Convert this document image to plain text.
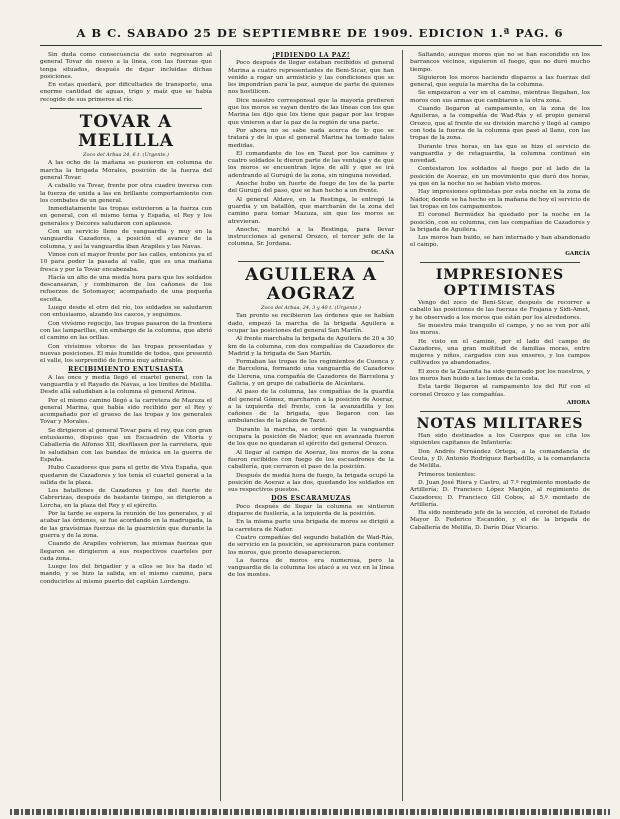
A B C. SABADO 25 DE SEPTIEMBRE DE 1909. EDICION 1.ª PAG. 6

Sin duda como consecuencia de esto regresaron al general Tovar de nuevo a la linea, con las fuerzas que tenga situados, después de dejar incluidas dichas posiciones.

En estas quedará, por dificultades de transporte, una enorme cantidad de aguas, trigo y maíz que se había recogido de sus primeros al río.

TOVAR A MELILLA

Zoco del Arbaa 24, 6 t. (Urgente.)

A las ocho de la mañana se pusieron en columna de marcha la brigada Morales, posición de la fuerza del general Tovar.

A caballo va Tovar, frente por otra cuadro inversa con la fuerza de unida a las en brillante comportamiento con los combates de un general.

Inmediatamente las tropas estuvieron a la fuerza con en general, con el mismo tema y España, el Rey y los generales y Decores saludaron con aplausos.

Con un servicio lleno de vanguardia y muy en la vanguardia Cazadores, a posición el avance de la columna, y así la vanguardia iban Arapiles y las Navas.

Vimos con el mayor frente por las calles, entonces ya el 10 para poder la pasada al valle, que es una mañana fresca y por la Tovar encabezaba.

Hacía un alto de una media hora para que los soldados descansaran, y combinaron de los cañones de los refuerzos de Sotomayor, acompañado de una pequeña escolta.

Luego desde el otro del río, los soldados se saludaron con entusiasmo, alzando los cascos, y seguimos.

Con vivísimo regocijo, las tropas pasaron de la frontera con las lamparillas, sin embargo de la columna, que abrió el camino en las orillas.

Con vivísimos vítores de las tropas presentadas y nuevas posiciones. El más humilde de todos, que presentó el valle, los sorprendió de forma muy admirable.

RECIBIMIENTO ENTUSIASTA

A las once y media llegó el cuartel general, con la vanguardia y el Rayado de Navas, a los límites de Melilla. Desde allá saludaban a la columna el general Arinoa.

Por el mismo camino llegó a la carretera de Mazuza el general Marina, que había sido recibido por el Rey y acompañado por el grueso de las tropas y los generales Tovar y Morales.

Se dirigieron al general Tovar para el rey, que con gran entusiasmo, dispuso que un Escuadrón de Vitoria y Caballería de Alfonso XII, desfilasen por la carretera, que lo saludaban con las bandas de música en la guerra de España.

Hubo Cazadores que para el grito de Viva España, que quedaron de Cazadores y los tenía el cuartel general a la salida de la plaza.

Los batallones de Cazadores y los del fuerte de Cabrerizas, después de bastante tiempo, se dirigieron a Lorcha, en la plaza del Rey y el ejército.

Por la tarde se espera la reunión de los generales, y al acabar las órdenes, se fue acordando en la madrugada, la de las gravísimas fuerzas de la guarnición que durante la guerra y de la zona.

Cuando de Arapiles volvieron, las mismas fuerzas que llegaron se dirigieron a sus respectivos cuarteles por cada zona.

Luego los del brigadier y a ellos se les ha dado el mando, y se hizo la salida, en el mismo camino, para conducirlos al mismo puerto del capitán Lordengo.

¡PIDIENDO LA PAZ!

Poco después de llegar estaban recibidos el general Marina a cuatro representantes de Beni-Sicar, que han venido a rogar un armisticio y las condiciones que se les impondrían para la paz, aunque de parte de quienes nos hostilicen.

Dice nuestro corresponsal que la mayoría prefieren que los moros se vayan dentro de las líneas con los que Marina les dijo que los tiene que pagar por las tropas que vinieron a dar la paz de la región de una parte.

Por ahora no se sabe nada acerca de lo que se tratará y de lo que el general Marina ha tomado tales medidas.

El comandante de los en Tazut por los caminos y cuatro soldados le dieron parte de las ventajas y de que los moros se encuentran lejos de allí y que se irá adentrando al Gurugú de la zona, sin ninguna novedad.

Anoche hubo un fuerte de fuego de los de la parte del Gurugú del paso, que se han hecho a un frente.

Al general Aldave, en la Restinga, le entregó la guardia y un batallón, que marcharán de la zona del camino para tomar Mazuza, sin que los moros se atrevieran.

Anoche, marchó a la Restinga, para llevar instrucciones al general Orozco, el tercer jefe de la columna, Sr. Jordana.

OCAÑA

AGUILERA A AOGRAZ

Zoco del Arbaa, 24, 3 y 40 t. (Urgente.)

Tan pronto se recibieron las órdenes que se habían dado, empezó la marcha de la brigada Aguilera a ocupar las posiciones del general San Martín.

Al frente marchaba la brigada de Aguilera de 20 a 30 km de la columna, con dos compañías de Cazadores de Madrid y la brigada de San Martín.

Formaban las tropas de los regimientos de Cuenca y de Barcelona, formando una vanguardia de Cazadores de Llerena, una compañía de Cazadores de Barcelona y Galicia, y un grupo de caballería de Alcántara.

Al paso de la columna, las compañías de la guardia del general Gómez, marcharon a la posición de Aoeraz, a la izquierda del frente, con la avanzadilla y los cañones de la brigada, que llegaron con las ambulancias de la plaza de Tazut.

Durante la marcha, se ordenó que la vanguardia ocupara la posición de Nador, que en avanzada fueron de los que no quedaran el ejército del general Orozco.

Al llegar al campo de Aoeraz, los moros de la zona fueron recibidos con fuego de los escuadrones de la caballería, que cerraron el paso de la posición.

Después de media hora de fuego, la brigada ocupó la posición de Aoeraz a las dos, quedando los soldados en sus respectivos puestos.

DOS ESCARAMUZAS

Poco después de llegar la columna se sintieron disparos de fusilería, a la izquierda de la posición.

En la misma parte una brigada de moros se dirigió a la carretera de Nador.

Cuatro compañías del segundo batallón de Wad-Rás, de servicio en la posición, se apresuraron para contener los moros, que pronto desaparecieron.

La fuerza de moros era numerosa, pero la vanguardia de la columna los atacó a su vez en la línea de los montes.

Saltando, aunque moros que no se han escondido en los barrancos vecinos, siguieron el fuego, que no duró mucho tiempo.

Siguieron los moros haciendo disparos a las fuerzas del general, que seguía la marcha de la columna.

Se empezaron a ver en el camino, mientras llegaban, los moros con sus armas que cambiaron a la otra zona.

Cuando llegaron al campamento, en la zona de los Aguileras, a la compañía de Wad-Rás y el propio general Orozco, que al frente de su división marchó y llegó al campo con toda la fuerza de la columna que pasó al llano, con las tropas de la zona.

Durante tres horas, en las que se hizo el servicio de vanguardia y de retaguardia, la columna continuó sin novedad.

Contestaron los soldados al fuego por el lado de la posición de Aoeraz, en un movimiento que duró dos horas, ya que en la noche no se habían visto moros.

Hay impresiones optimistas por esta noche en la zona de Nador, donde se ha hecho en la mañana de hoy el servicio de las tropas en los campamentos.

El coronel Bermúdez ha quedado por la noche en la posición, con su columna, con las compañías de Cazadores y la brigada de Aguilera.

Los moros han huido, se han internado y han abandonado el campo.

GARCÍA

IMPRESIONES OPTIMISTAS

Vengo del zoco de Beni-Sicar, después de recorrer a caballo las posiciones de las fuerzas de Frajana y Sidi-Amet, y he observado a los moros que están por los alrededores.

Se muestra más tranquilo el campo, y no se ven por allí los moros.

He visto en el camino, por el lado del campo de Cazadores, una gran multitud de familias moras, entre mujeres y niños, cargados con sus enseres, y los campos cultivados ya abandonados.

El zoco de la Zuamita ha sido quemado por los nuestros, y los moros han huido a las lomas de la costa.

Esta tarde llegaron al campamento los del Rif con el coronel Orozco y las compañías.

AHORA

NOTAS MILITARES

Han sido destinados a los Cuerpos que se cita los siguientes capitanes de Infantería:

Don Andrés Fernández Ortega, a la comandancia de Ceuta, y D. Antonio Rodríguez Barbadillo, a la comandancia de Melilla.

Primeros tenientes:

D. Juan José Riera y Castro, al 7.º regimiento montado de Artillería; D. Francisco López Manjón, al regimiento de Cazadores; D. Francisco Gil Cobos, al 5.º montado de Artillería.

Ha sido nombrado jefe de la sección, el coronel de Estado Mayor D. Federico Escandón, y el de la brigada de Caballería de Melilla, D. Darío Díaz Vicario.
